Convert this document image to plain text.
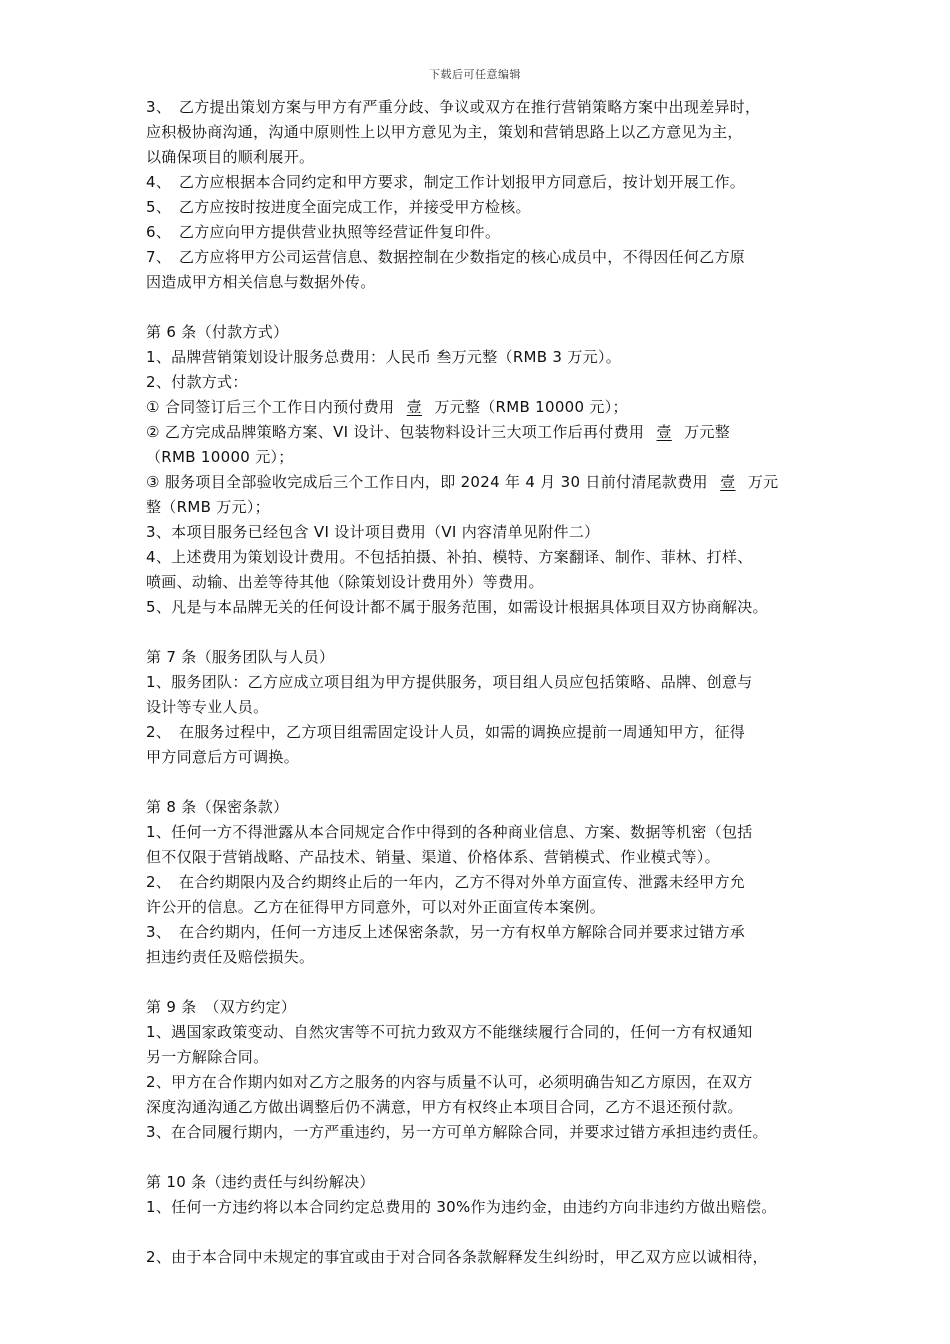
下载后可任意编辑

3、　乙方提出策划方案与甲方有严重分歧、争议或双方在推行营销策略方案中出现差异时，

应积极协商沟通，沟通中原则性上以甲方意见为主，策划和营销思路上以乙方意见为主，

以确保项目的顺利展开。

4、　乙方应根据本合同约定和甲方要求，制定工作计划报甲方同意后，按计划开展工作。

5、　乙方应按时按进度全面完成工作，并接受甲方检核。

6、　乙方应向甲方提供营业执照等经营证件复印件。

7、　乙方应将甲方公司运营信息、数据控制在少数指定的核心成员中，不得因任何乙方原

因造成甲方相关信息与数据外传。

第 6 条（付款方式）

1、品牌营销策划设计服务总费用：人民币 叁万元整（RMB 3 万元）。

2、付款方式：

① 合同签订后三个工作日内预付费用 壹 万元整（RMB 10000 元）；

② 乙方完成品牌策略方案、VI 设计、包装物料设计三大项工作后再付费用 壹 万元整

（RMB 10000 元）；

③ 服务项目全部验收完成后三个工作日内，即 2024 年 4 月 30 日前付清尾款费用 壹 万元

整（RMB 万元）；

3、本项目服务已经包含 VI 设计项目费用（VI 内容清单见附件二）

4、上述费用为策划设计费用。不包括拍摄、补拍、模特、方案翻译、制作、菲林、打样、

喷画、动输、出差等待其他（除策划设计费用外）等费用。

5、凡是与本品牌无关的任何设计都不属于服务范围，如需设计根据具体项目双方协商解决。

第 7 条（服务团队与人员）

1、服务团队：乙方应成立项目组为甲方提供服务，项目组人员应包括策略、品牌、创意与

设计等专业人员。

2、　在服务过程中，乙方项目组需固定设计人员，如需的调换应提前一周通知甲方，征得

甲方同意后方可调换。

第 8 条（保密条款）

1、任何一方不得泄露从本合同规定合作中得到的各种商业信息、方案、数据等机密（包括

但不仅限于营销战略、产品技术、销量、渠道、价格体系、营销模式、作业模式等）。

2、　在合约期限内及合约期终止后的一年内，乙方不得对外单方面宣传、泄露未经甲方允

许公开的信息。乙方在征得甲方同意外，可以对外正面宣传本案例。

3、　在合约期内，任何一方违反上述保密条款，另一方有权单方解除合同并要求过错方承

担违约责任及赔偿损失。

第 9 条　（双方约定）

1、遇国家政策变动、自然灾害等不可抗力致双方不能继续履行合同的，任何一方有权通知

另一方解除合同。

2、甲方在合作期内如对乙方之服务的内容与质量不认可，必须明确告知乙方原因，在双方

深度沟通沟通乙方做出调整后仍不满意，甲方有权终止本项目合同，乙方不退还预付款。

3、在合同履行期内，一方严重违约，另一方可单方解除合同，并要求过错方承担违约责任。

第 10 条（违约责任与纠纷解决）

1、任何一方违约将以本合同约定总费用的 30%作为违约金，由违约方向非违约方做出赔偿。

2、由于本合同中未规定的事宜或由于对合同各条款解释发生纠纷时，甲乙双方应以诚相待，
